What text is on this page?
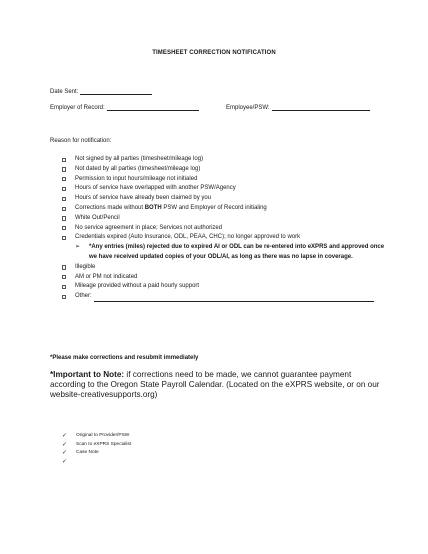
TIMESHEET CORRECTION NOTIFICATION
Date Sent:
Employer of Record:	Employee/PSW:
Reason for notification:
Not signed by all parties (timesheet/mileage log)
Not dated by all parties (timesheet/mileage log)
Permission to input hours/mileage not initialed
Hours of service have overlapped with another PSW/Agency
Hours of service have already been claimed by you
Corrections made without BOTH PSW and Employer of Record initialing
White Out/Pencil
No service agreement in place; Services not authorized
Credentials expired (Auto Insurance, ODL, PEAA, CHC); no longer approved to work
➢ *Any entries (miles) rejected due to expired AI or ODL can be re-entered into eXPRS and approved once we have received updated copies of your ODL/AI, as long as there was no lapse in coverage.
Illegible
AM or PM not indicated
Mileage provided without a paid hourly support
Other:
*Please make corrections and resubmit immediately
*Important to Note: if corrections need to be made, we cannot guarantee payment according to the Oregon State Payroll Calendar. (Located on the eXPRS website, or on our website-creativesupports.org)
✓ Original to Provider/PSW
✓ Scan to eXPRS Specialist
✓ Case Note
✓
